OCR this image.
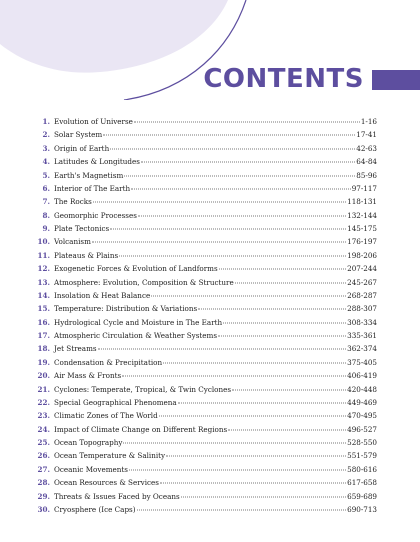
CONTENTS
1. Evolution of Universe	1-16
2. Solar System	17-41
3. Origin of Earth	42-63
4. Latitudes & Longitudes	64-84
5. Earth's Magnetism	85-96
6. Interior of The Earth	97-117
7. The Rocks	118-131
8. Geomorphic Processes	132-144
9. Plate Tectonics	145-175
10. Volcanism	176-197
11. Plateaus & Plains	198-206
12. Exogenetic Forces & Evolution of Landforms	207-244
13. Atmosphere: Evolution, Composition & Structure	245-267
14. Insolation & Heat Balance	268-287
15. Temperature: Distribution & Variations	288-307
16. Hydrological Cycle and Moisture in The Earth	308-334
17. Atmospheric Circulation & Weather Systems	335-361
18. Jet Streams	362-374
19. Condensation & Precipitation	375-405
20. Air Mass & Fronts	406-419
21. Cyclones: Temperate, Tropical, & Twin Cyclones	420-448
22. Special Geographical Phenomena	449-469
23. Climatic Zones of The World	470-495
24. Impact of Climate Change on Different Regions	496-527
25. Ocean Topography	528-550
26. Ocean Temperature & Salinity	551-579
27. Oceanic Movements	580-616
28. Ocean Resources & Services	617-658
29. Threats & Issues Faced by Oceans	659-689
30. Cryosphere (Ice Caps)	690-713
